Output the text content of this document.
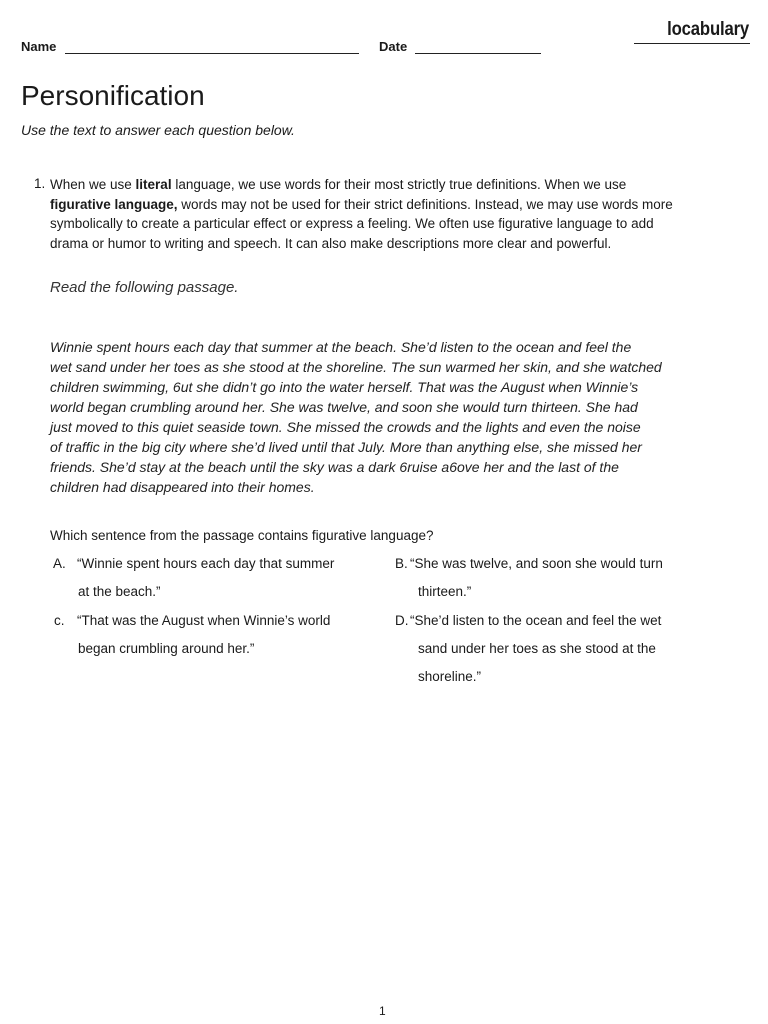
Name	Date
locabulary
Personification
Use the text to answer each question below.
1. When we use literal language, we use words for their most strictly true definitions. When we use
figurative language, words may not be used for their strict definitions. Instead, we may use words more
symbolically to create a particular effect or express a feeling. We often use figurative language to add
drama or humor to writing and speech. It can also make descriptions more clear and powerful.
Read the following passage.
Winnie spent hours each day that summer at the beach. She’d listen to the ocean and feel the
wet sand under her toes as she stood at the shoreline. The sun warmed her skin, and she watched
children swimming, 6ut she didn’t go into the water herself. That was the August when Winnie’s
world began crumbling around her. She was twelve, and soon she would turn thirteen. She had
just moved to this quiet seaside town. She missed the crowds and the lights and even the noise
of traffic in the big city where she’d lived until that July. More than anything else, she missed her
friends. She’d stay at the beach until the sky was a dark 6ruise a6ove her and the last of the
children had disappeared into their homes.
Which sentence from the passage contains figurative language?
A. “Winnie spent hours each day that summer
at the beach.”
B. “She was twelve, and soon she would turn
thirteen.”
c. “That was the August when Winnie’s world
began crumbling around her.”
D. “She’d listen to the ocean and feel the wet
sand under her toes as she stood at the
shoreline.”
1
